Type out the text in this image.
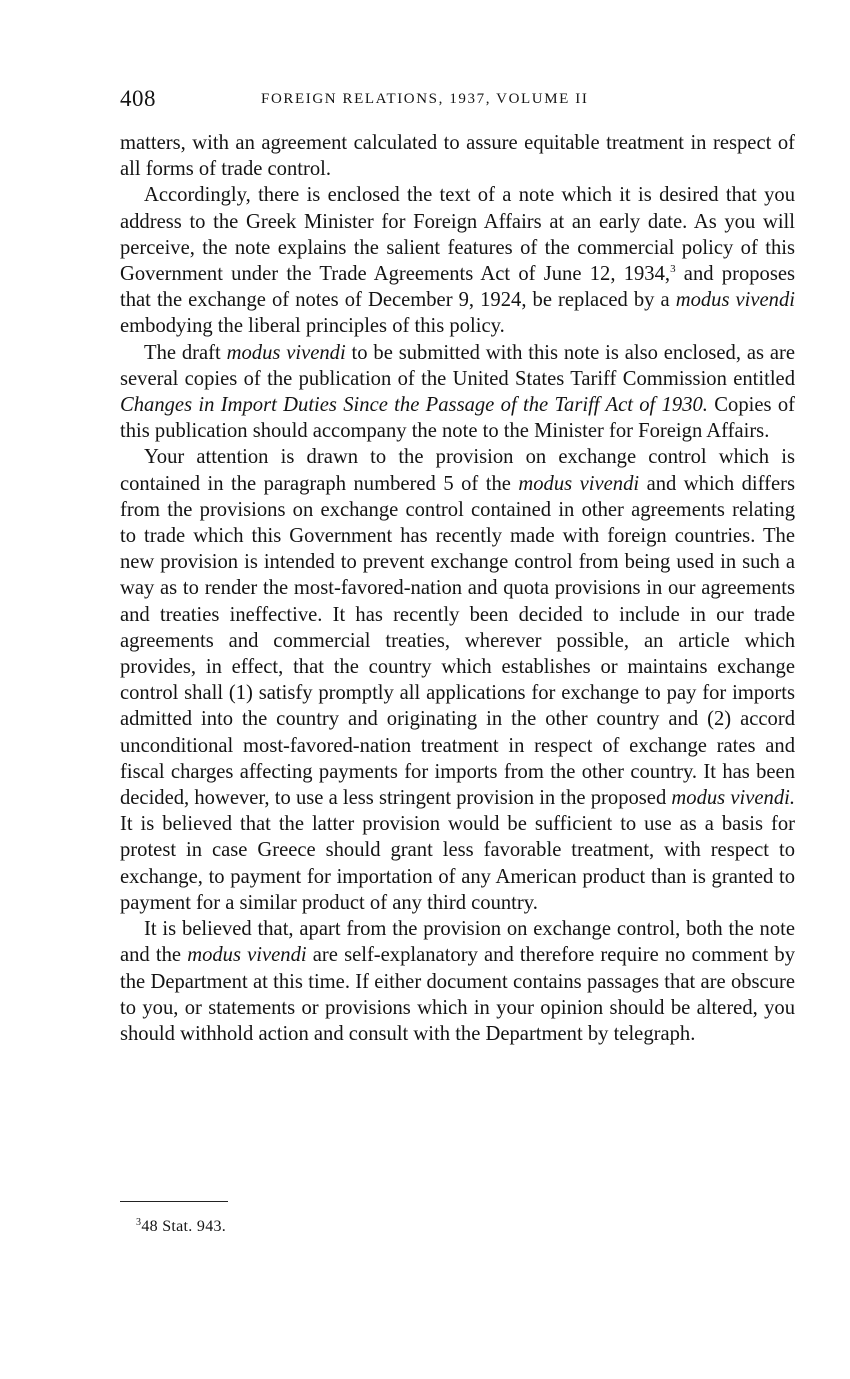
408	FOREIGN RELATIONS, 1937, VOLUME II

matters, with an agreement calculated to assure equitable treatment in respect of all forms of trade control.

Accordingly, there is enclosed the text of a note which it is desired that you address to the Greek Minister for Foreign Affairs at an early date. As you will perceive, the note explains the salient features of the commercial policy of this Government under the Trade Agreements Act of June 12, 1934,$^3$ and proposes that the exchange of notes of December 9, 1924, be replaced by a modus vivendi embodying the liberal principles of this policy.

The draft modus vivendi to be submitted with this note is also enclosed, as are several copies of the publication of the United States Tariff Commission entitled Changes in Import Duties Since the Passage of the Tariff Act of 1930. Copies of this publication should accompany the note to the Minister for Foreign Affairs.

Your attention is drawn to the provision on exchange control which is contained in the paragraph numbered 5 of the modus vivendi and which differs from the provisions on exchange control contained in other agreements relating to trade which this Government has recently made with foreign countries. The new provision is intended to prevent exchange control from being used in such a way as to render the most-favored-nation and quota provisions in our agreements and treaties ineffective. It has recently been decided to include in our trade agreements and commercial treaties, wherever possible, an article which provides, in effect, that the country which establishes or maintains exchange control shall (1) satisfy promptly all applications for exchange to pay for imports admitted into the country and originating in the other country and (2) accord unconditional most-favored-nation treatment in respect of exchange rates and fiscal charges affecting payments for imports from the other country. It has been decided, however, to use a less stringent provision in the proposed modus vivendi. It is believed that the latter provision would be sufficient to use as a basis for protest in case Greece should grant less favorable treatment, with respect to exchange, to payment for importation of any American product than is granted to payment for a similar product of any third country.

It is believed that, apart from the provision on exchange control, both the note and the modus vivendi are self-explanatory and therefore require no comment by the Department at this time. If either document contains passages that are obscure to you, or statements or provisions which in your opinion should be altered, you should withhold action and consult with the Department by telegraph.

$^3$48 Stat. 943.
